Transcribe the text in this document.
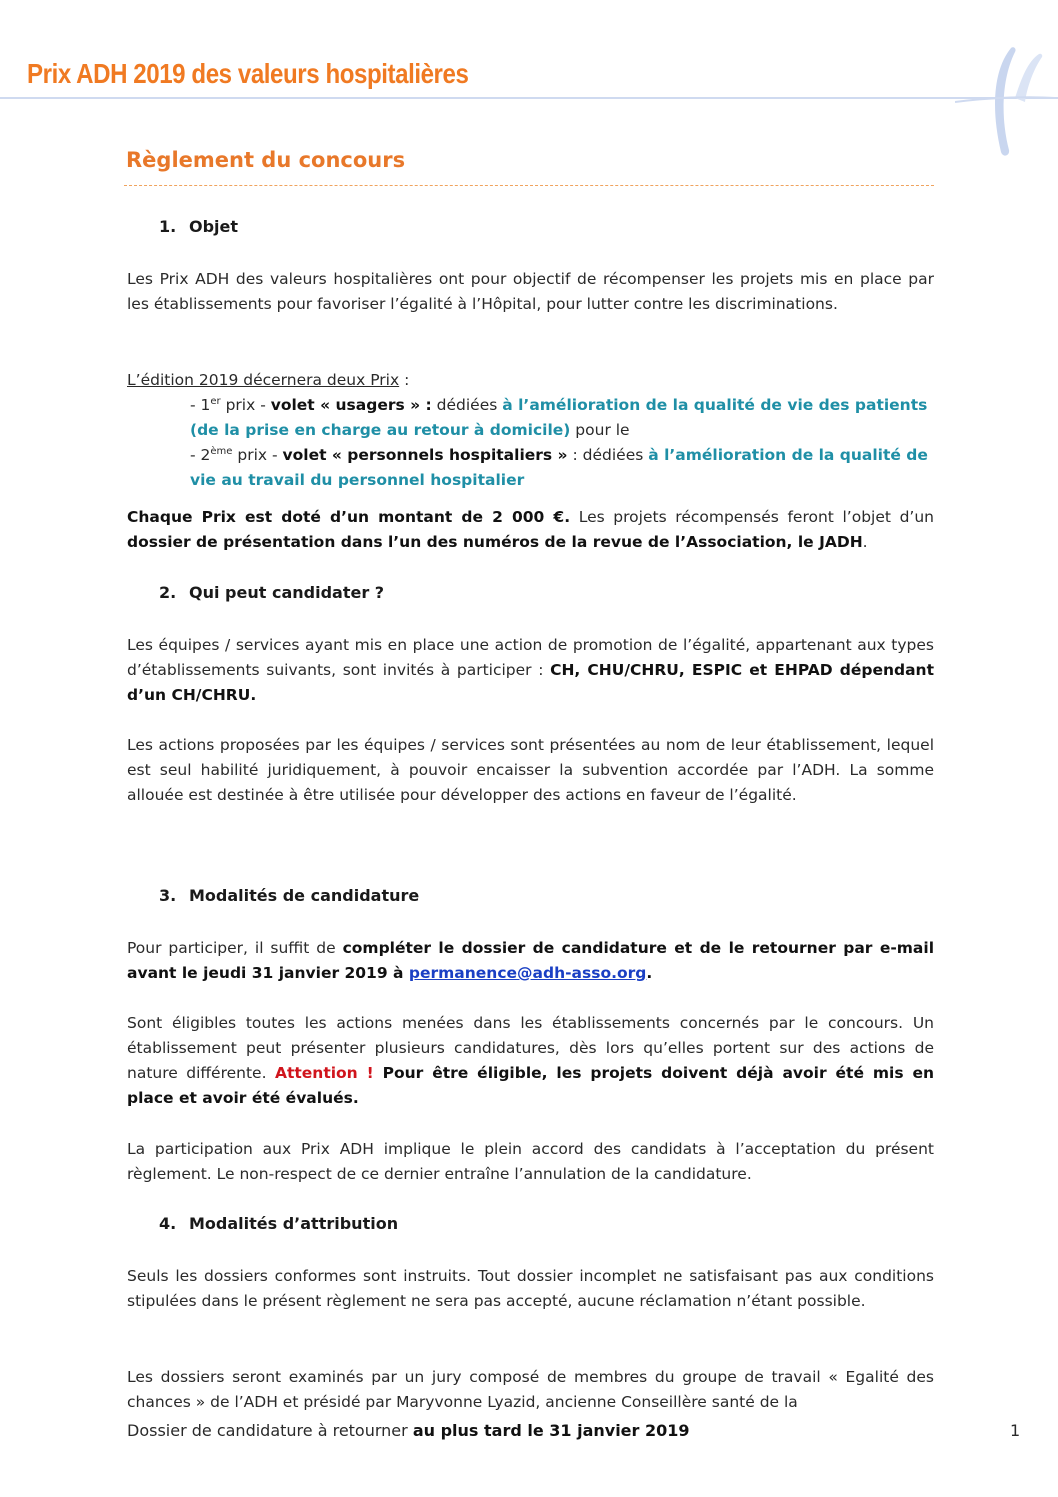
Prix ADH 2019 des valeurs hospitalières
Règlement du concours
1. Objet
Les Prix ADH des valeurs hospitalières ont pour objectif de récompenser les projets mis en place par les établissements pour favoriser l’égalité à l’Hôpital, pour lutter contre les discriminations.
L’édition 2019 décernera deux Prix :
- 1er prix - volet « usagers » : dédiées à l’amélioration de la qualité de vie des patients (de la prise en charge au retour à domicile) pour le
- 2ème prix - volet « personnels hospitaliers » : dédiées à l’amélioration de la qualité de vie au travail du personnel hospitalier
Chaque Prix est doté d’un montant de 2 000 €. Les projets récompensés feront l’objet d’un dossier de présentation dans l’un des numéros de la revue de l’Association, le JADH.
2. Qui peut candidater ?
Les équipes / services ayant mis en place une action de promotion de l’égalité, appartenant aux types d’établissements suivants, sont invités à participer : CH, CHU/CHRU, ESPIC et EHPAD dépendant d’un CH/CHRU.
Les actions proposées par les équipes / services sont présentées au nom de leur établissement, lequel est seul habilité juridiquement, à pouvoir encaisser la subvention accordée par l’ADH. La somme allouée est destinée à être utilisée pour développer des actions en faveur de l’égalité.
3. Modalités de candidature
Pour participer, il suffit de compléter le dossier de candidature et de le retourner par e-mail avant le jeudi 31 janvier 2019 à permanence@adh-asso.org.
Sont éligibles toutes les actions menées dans les établissements concernés par le concours. Un établissement peut présenter plusieurs candidatures, dès lors qu’elles portent sur des actions de nature différente. Attention ! Pour être éligible, les projets doivent déjà avoir été mis en place et avoir été évalués.
La participation aux Prix ADH implique le plein accord des candidats à l’acceptation du présent règlement. Le non-respect de ce dernier entraîne l’annulation de la candidature.
4. Modalités d’attribution
Seuls les dossiers conformes sont instruits. Tout dossier incomplet ne satisfaisant pas aux conditions stipulées dans le présent règlement ne sera pas accepté, aucune réclamation n’étant possible.
Les dossiers seront examinés par un jury composé de membres du groupe de travail « Egalité des chances » de l’ADH et présidé par Maryvonne Lyazid, ancienne Conseillère santé de la
Dossier de candidature à retourner au plus tard le 31 janvier 2019	1
